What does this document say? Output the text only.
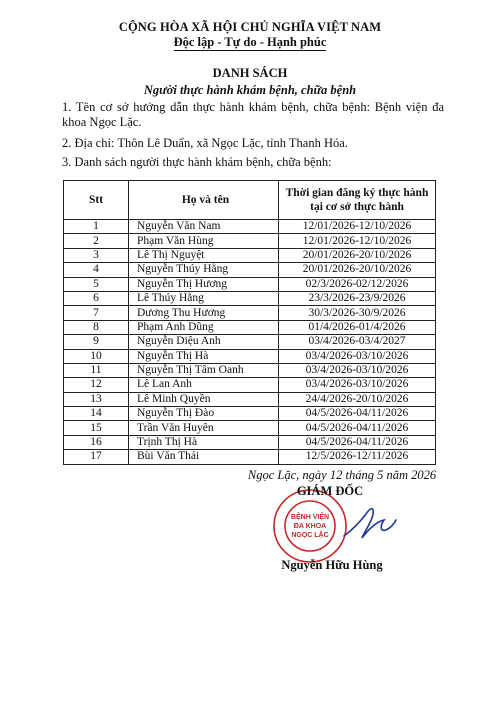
CỘNG HÒA XÃ HỘI CHỦ NGHĨA VIỆT NAM
Độc lập - Tự do - Hạnh phúc
DANH SÁCH
Người thực hành khám bệnh, chữa bệnh
1. Tên cơ sở hướng dẫn thực hành khám bệnh, chữa bệnh: Bệnh viện đa khoa Ngọc Lặc.
2. Địa chỉ: Thôn Lê Duẩn, xã Ngọc Lặc, tỉnh Thanh Hóa.
3. Danh sách người thực hành khám bệnh, chữa bệnh:
Stt	Họ và tên	Thời gian đăng ký thực hành
tại cơ sở thực hành
1	Nguyễn Văn Nam	12/01/2026-12/10/2026
2	Phạm Văn Hùng	12/01/2026-12/10/2026
3	Lê Thị Nguyệt	20/01/2026-20/10/2026
4	Nguyễn Thúy Hằng	20/01/2026-20/10/2026
5	Nguyễn Thị Hương	02/3/2026-02/12/2026
6	Lê Thúy Hằng	23/3/2026-23/9/2026
7	Dương Thu Hương	30/3/2026-30/9/2026
8	Phạm Anh Dũng	01/4/2026-01/4/2026
9	Nguyễn Diệu Anh	03/4/2026-03/4/2027
10	Nguyễn Thị Hà	03/4/2026-03/10/2026
11	Nguyễn Thị Tâm Oanh	03/4/2026-03/10/2026
12	Lê Lan Anh	03/4/2026-03/10/2026
13	Lê Minh Quyền	24/4/2026-20/10/2026
14	Nguyễn Thị Đào	04/5/2026-04/11/2026
15	Trần Văn Huyên	04/5/2026-04/11/2026
16	Trịnh Thị Hà	04/5/2026-04/11/2026
17	Bùi Văn Thái	12/5/2026-12/11/2026
Ngọc Lặc, ngày 12 tháng 5 năm 2026
BỆNH VIỆN
ĐA KHOA
NGỌC LẶC
GIÁM ĐỐC
Nguyễn Hữu Hùng
